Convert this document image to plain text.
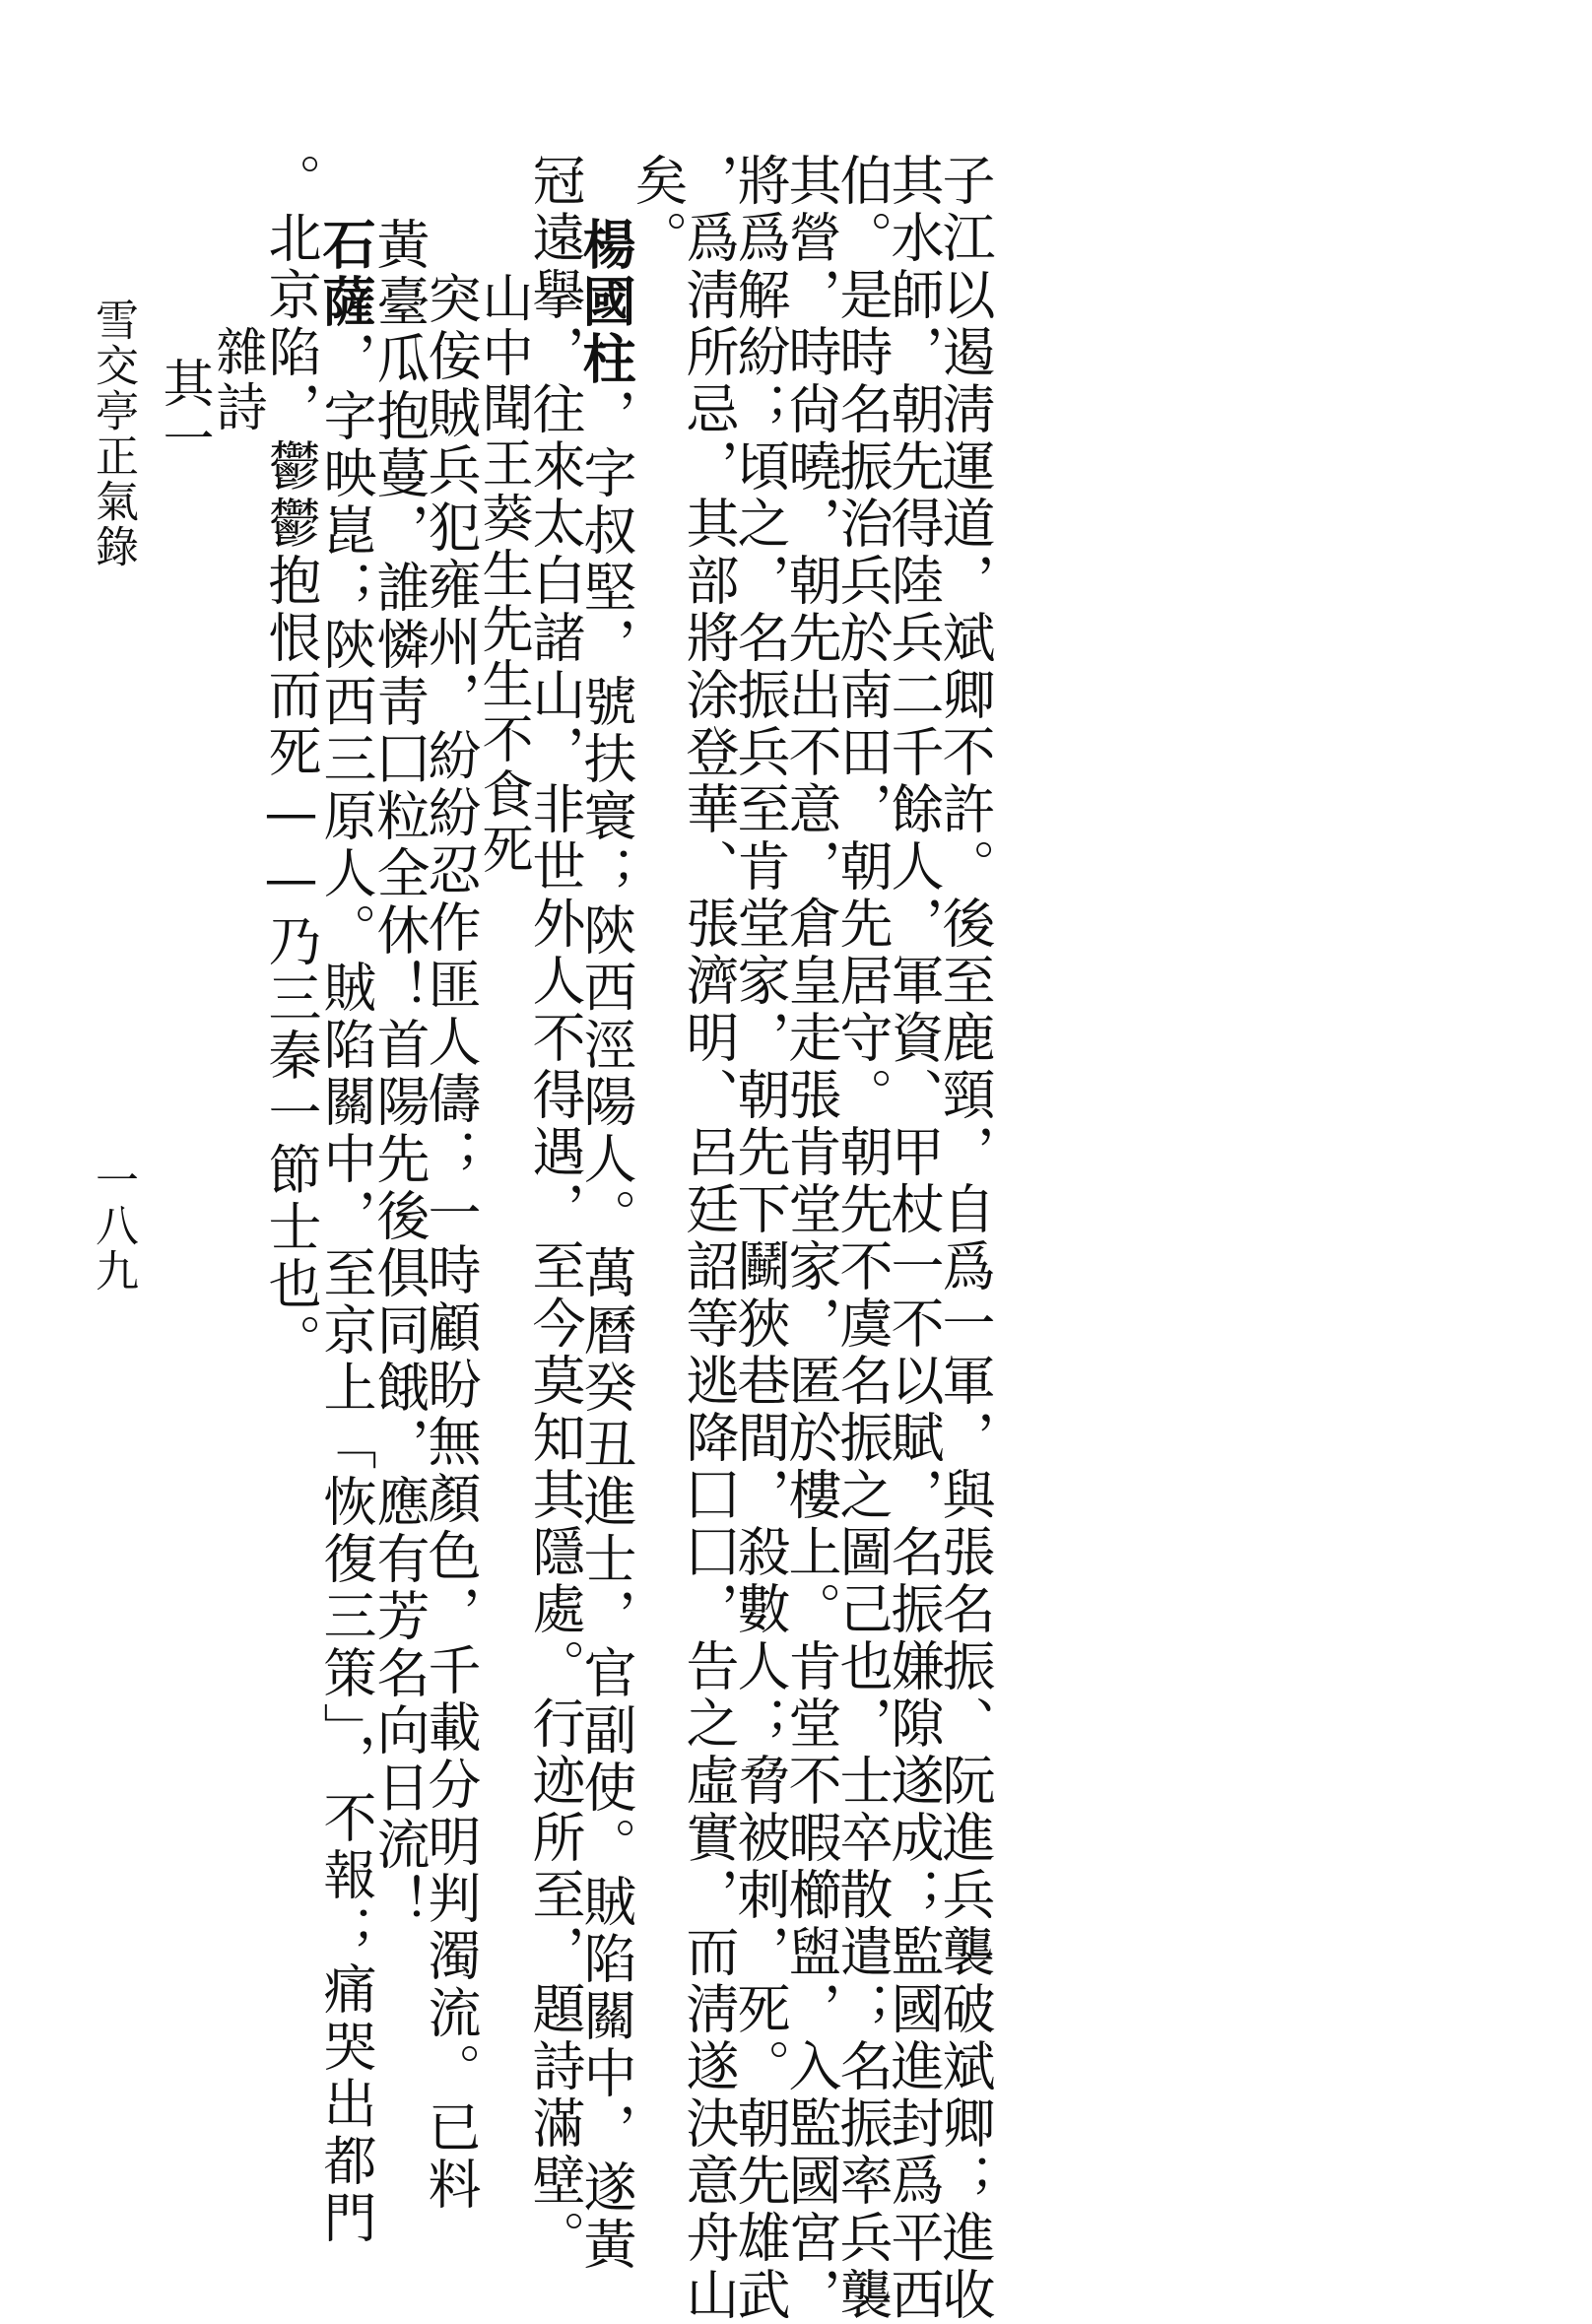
子江以遏淸運道，斌卿不許。後至鹿頸，自爲一軍，與張名振、阮進兵襲破斌卿；進收
其水師，朝先得陸兵二千餘人，軍資、甲杖一不以賦，名振嫌隙遂成；監國進封爲平西
伯。是時名振治兵於南田，朝先居守。朝先不虞名振之圖己也，士卒散遣；名振率兵襲
其營，時尙曉，朝先出不意，倉皇走張肯堂家，匿於樓上。肯堂不暇櫛盥，入監國宮，
將爲解紛；頃之，名振兵至肯堂家，朝先下鬭狹巷間，殺數人；脅被刺，死。朝先雄武
，爲淸所忌，其部將涂登華、張濟明、呂廷詔等逃降囗囗，告之虛實，而淸遂決意舟山
矣。
楊國柱，字叔堅，號扶寰；陝西涇陽人。萬曆癸丑進士，官副使。賊陷關中，遂黃
冠遠擧，往來太白諸山，非世外人不得遇，至今莫知其隱處。行迹所至，題詩滿壁。
山中聞王葵生先生不食死
突侫賊兵犯雍州，紛紛忍作匪人儔；一時顧盼無顏色，千載分明判濁流。已料
黃臺瓜抱蔓，誰憐靑囗粒全休！首陽先後俱同餓，應有芳名向日流！
石薩，字映崑；陝西三原人。賊陷關中，至京上「恢復三策」，不報；痛哭出都門
。北京陷，鬱鬱抱恨而死——乃三秦一節士也。
雜詩
其一
雪交亭正氣錄
一八九
